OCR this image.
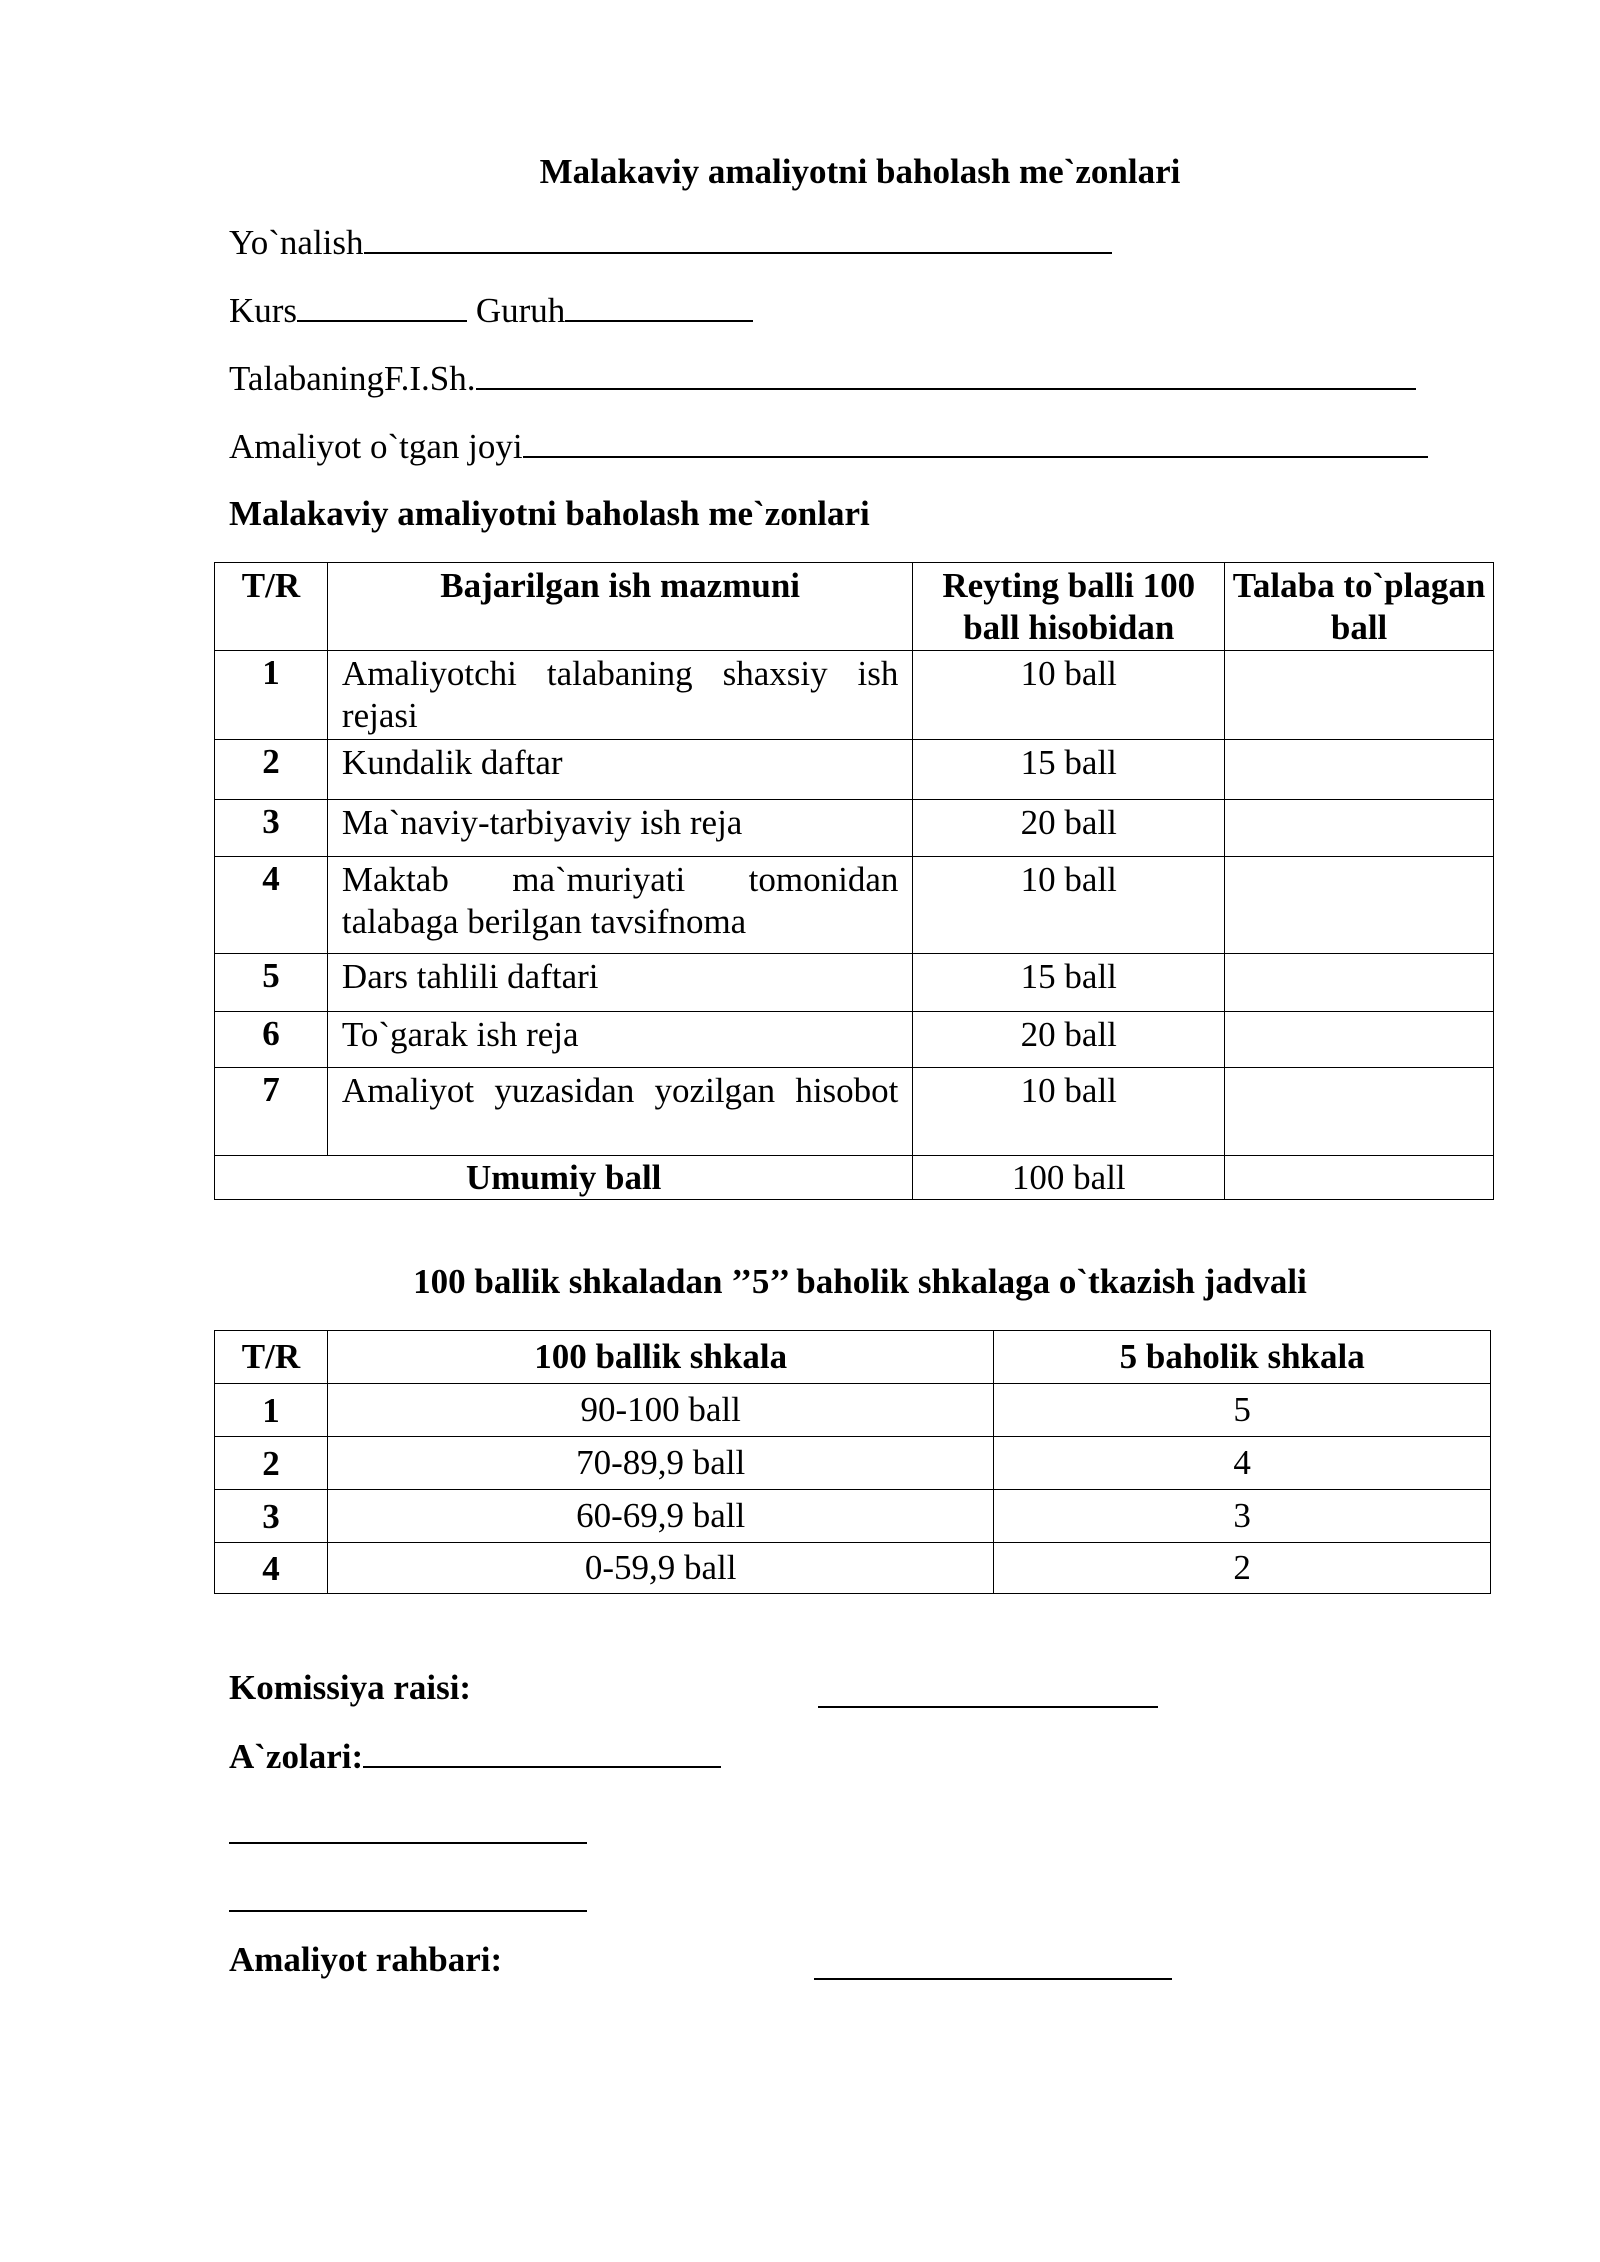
Malakaviy amaliyotni baholash me`zonlari
Yo`nalish
Kurs	Guruh
TalabaningF.I.Sh.
Amaliyot o`tgan joyi
Malakaviy amaliyotni baholash me`zonlari
T/R	Bajarilgan ish mazmuni	Reyting balli 100 ball hisobidan	Talaba to`plagan ball
1	Amaliyotchi talabaning shaxsiy ish rejasi	10 ball	
2	Kundalik daftar	15 ball	
3	Ma`naviy-tarbiyaviy ish reja	20 ball	
4	Maktab ma`muriyati tomonidan talabaga berilgan tavsifnoma	10 ball	
5	Dars tahlili daftari	15 ball	
6	To`garak ish reja	20 ball	
7	Amaliyot yuzasidan yozilgan hisobot	10 ball	
Umumiy ball		100 ball	
100 ballik shkaladan ’’5’’ baholik shkalaga o`tkazish jadvali
T/R	100 ballik shkala	5 baholik shkala
1	90-100 ball	5
2	70-89,9 ball	4
3	60-69,9 ball	3
4	0-59,9 ball	2
Komissiya raisi:
A`zolari:
Amaliyot rahbari:
